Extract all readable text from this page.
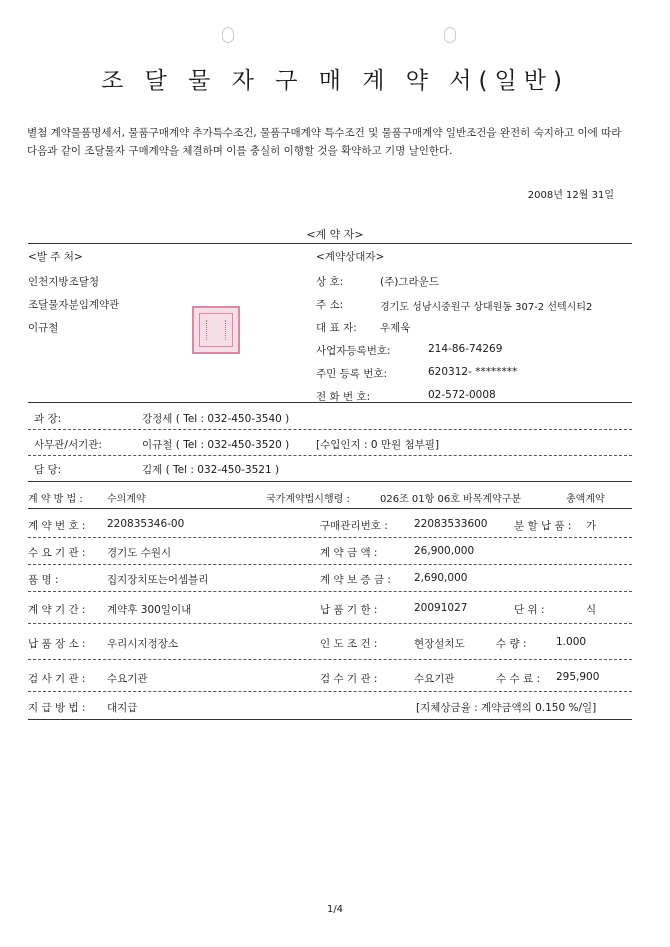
조 달 물 자 구 매 계 약 서(일반)
별첨 계약물품명세서, 물품구매계약 추가특수조건, 물품구매계약 특수조건 및 물품구매계약 일반조건을 완전히 숙지하고 이에 따라 다음과 같이 조달물자 구매계약을 체결하며 이를 충실히 이행할 것을 확약하고 기명 날인한다.
2008년 12월 31일
<계 약 자>
<발 주 처>
인천지방조달청
조달물자분임계약관
이규철
<계약상대자>
상 호:	(주)그라운드
주 소:	경기도 성남시중원구 상대원동 307-2 선텍시티2
대 표 자: 우제욱
사업자등록번호:	214-86-74269
주민 등록 번호:	620312- ********
전 화 번 호:	02-572-0008
과 장:	강정세 ( Tel : 032-450-3540 )
사무관/서기관:	이규철 ( Tel : 032-450-3520 )	[수입인지 : 0 만원 첨부필]
담 당:	김제 ( Tel : 032-450-3521 )
계 약 방 법 : 수의계약	국가계약법시행령 :	026조 01항 06호 바목계약구분	총액계약
계 약 번 호 : 220835346-00	구매관리번호 :	22083533600	분 할 납 품 : 가
수 요 기 관 : 경기도 수원시	계 약 금 액 :	26,900,000
품 명 :	집지장치또는어셈블리	계 약 보 증 금 : 2,690,000
계 약 기 간 : 계약후 300일이내	납 품 기 한 :	20091027	단 위 :	식
납 품 장 소 : 우리시지정장소	인 도 조 건 :	현장설치도	수 량 :	1.000
검 사 기 관 : 수요기관	검 수 기 관 :	수요기관	수 수 료 : 295,900
지 급 방 법 : 대지급	[지체상금율 : 계약금액의 0.150 %/일]
1/4
